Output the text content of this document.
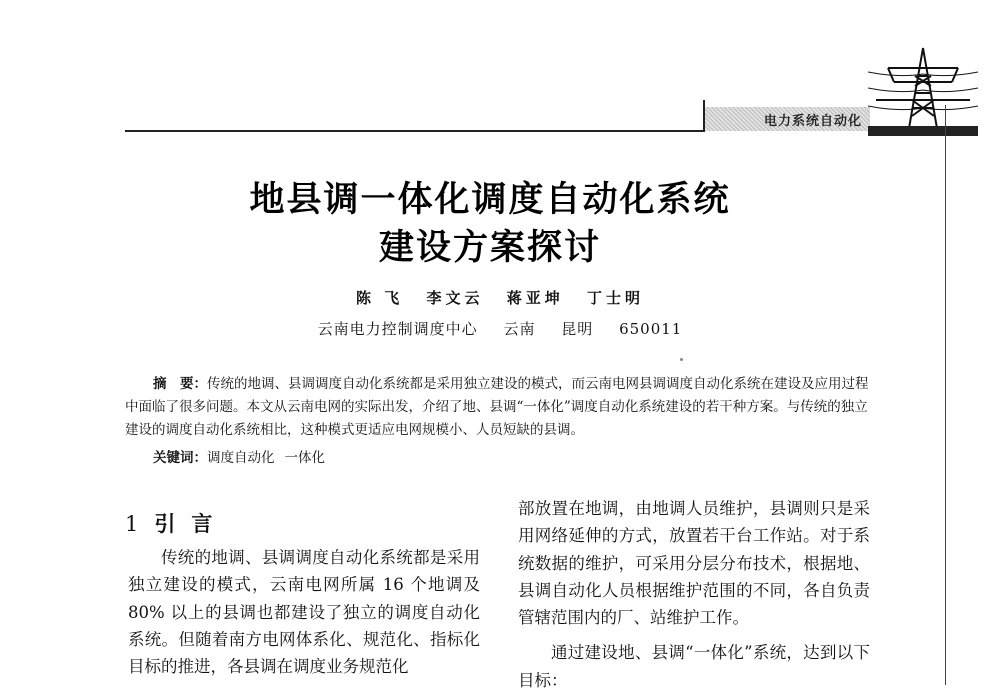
电力系统自动化
地县调一体化调度自动化系统
建设方案探讨
陈 飞 李文云 蒋亚坤 丁士明
云南电力控制调度中心 云南 昆明 650011
摘　要：传统的地调、县调调度自动化系统都是采用独立建设的模式，而云南电网县调调度自动化系统在建设及应用过程中面临了很多问题。本文从云南电网的实际出发，介绍了地、县调“一体化”调度自动化系统建设的若干种方案。与传统的独立建设的调度自动化系统相比，这种模式更适应电网规模小、人员短缺的县调。
关键词：调度自动化 一体化
1 引言
传统的地调、县调调度自动化系统都是采用独立建设的模式，云南电网所属 16 个地调及 80% 以上的县调也都建设了独立的调度自动化系统。但随着南方电网体系化、规范化、指标化目标的推进，各县调在调度业务规范化
部放置在地调，由地调人员维护，县调则只是采用网络延伸的方式，放置若干台工作站。对于系统数据的维护，可采用分层分布技术，根据地、县调自动化人员根据维护范围的不同，各自负责管辖范围内的厂、站维护工作。
通过建设地、县调“一体化”系统，达到以下目标：
